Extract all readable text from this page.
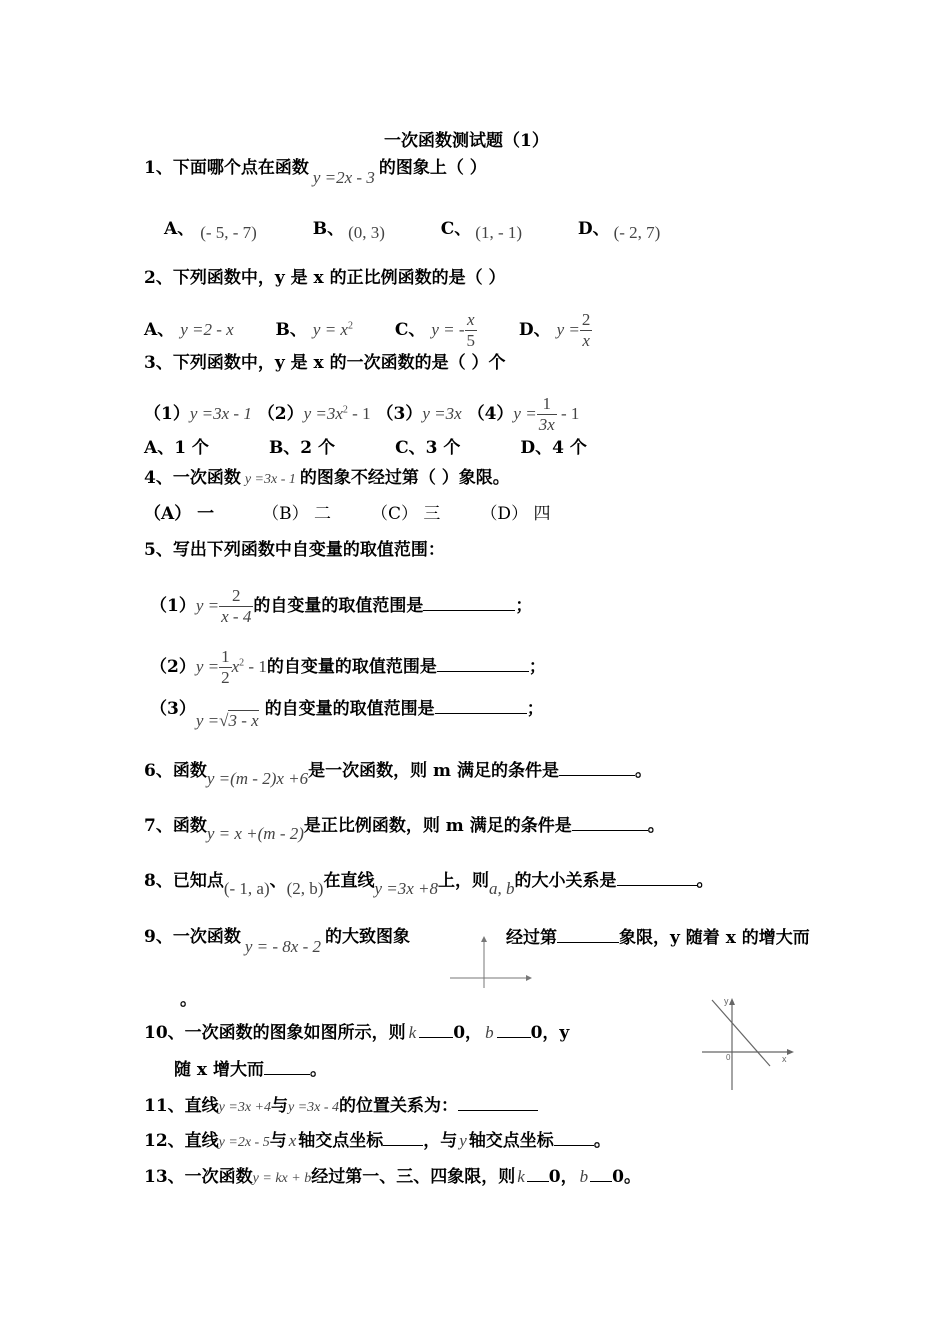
一次函数测试题（1）
1、下面哪个点在函数 y =2x - 3 的图象上（ ）
A、 (- 5, - 7)	B、 (0, 3)	C、 (1, - 1)	D、 (- 2, 7)
2、下列函数中，y 是 x 的正比例函数的是（ ）
A、 y =2 - x B、 $y = x^2$ C、 y = - $\frac{x}{5}$ D、 $y = \frac{2}{x}$
3、下列函数中，y 是 x 的一次函数的是（ ）个
（1）y =3x - 1 $(2)y =3x^2 - 1$ （3）y =3x $(4)y = \frac{1}{3x} - 1$
A、1 个	B、2 个	C、3 个	D、4 个
4、一次函数 y =3x - 1 的图象不经过第（ ）象限。
（A） 一	（B） 二 （C） 三 （D） 四
5、写出下列函数中自变量的取值范围：
$(1)y = \frac{2}{x - 4}$ 的自变量的取值范围是	；
$(2)y = \frac{1}{2} x^2 - 1$的自变量的取值范围是	；
（3）y =√3 - x的自变量的取值范围是	；
6、函数y =(m - 2)x +6是一次函数，则 m 满足的条件是	。
7、函数y = x +(m - 2)是正比例函数，则 m 满足的条件是	。
8、已知点(- 1, a)、(2, b)在直线y =3x +8上，则a, b的大小关系是	。
9、一次函数 y = - 8x - 2 的大致图象	经过第	象限，y 随着 x 的增大而
。
10、一次函数的图象如图所示，则 k 0， b 0，y
随 x 增大而	。
y
x
0
11、直线y =3x +4与y =3x - 4的位置关系为：
12、直线y =2x - 5与 x 轴交点坐标 ，与 y 轴交点坐标 。
13、一次函数y = kx + b经过第一、三、四象限，则 k 0， b 0。
